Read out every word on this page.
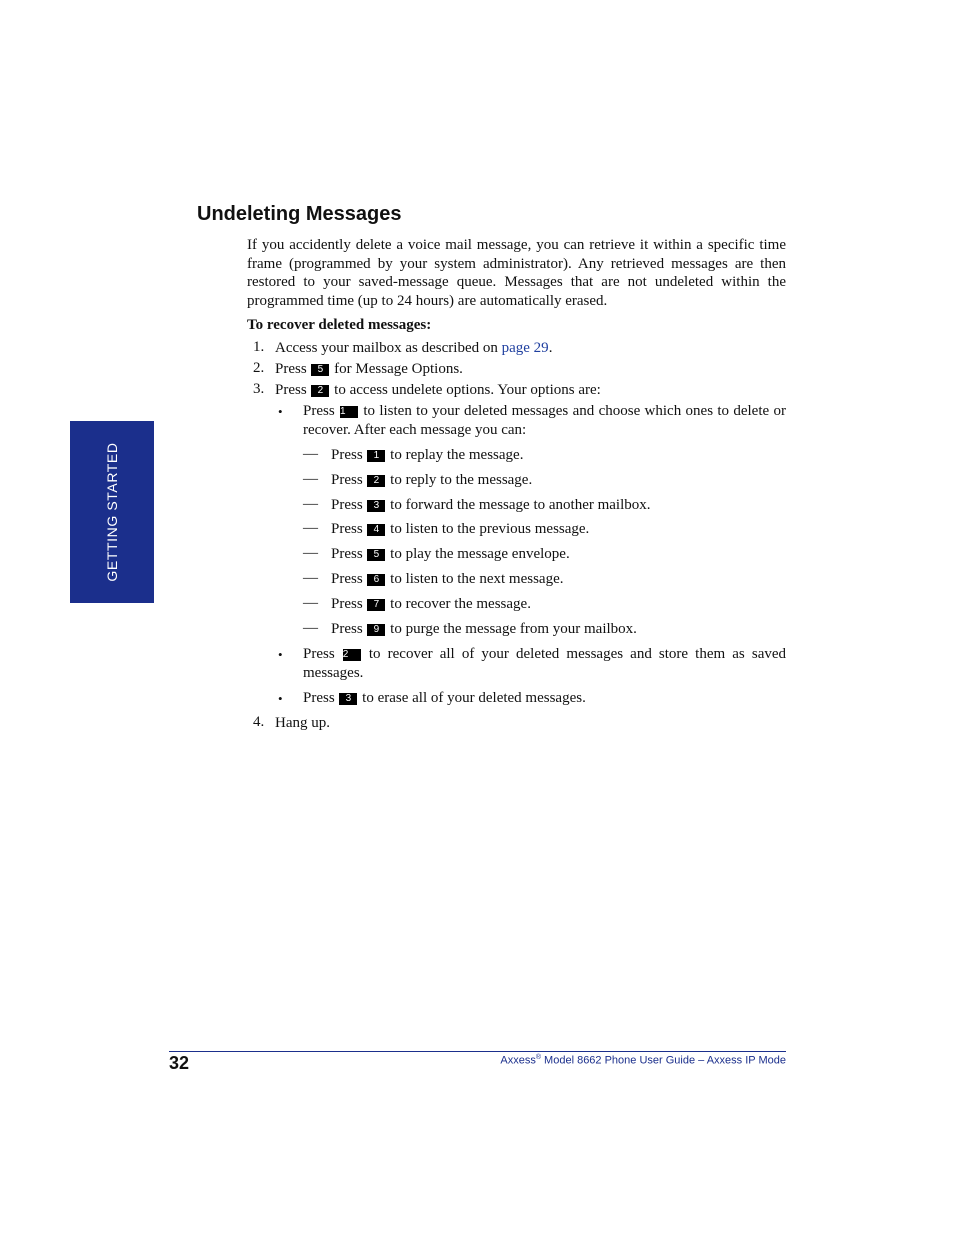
GETTING STARTED
Undeleting Messages

If you accidently delete a voice mail message, you can retrieve it within a specific time frame (programmed by your system administrator). Any retrieved messages are then restored to your saved-message queue. Messages that are not undeleted within the programmed time (up to 24 hours) are automatically erased.

To recover deleted messages:

1. Access your mailbox as described on page 29.

2. Press 5 for Message Options.

3. Press 2 to access undelete options. Your options are:

• Press 1 to listen to your deleted messages and choose which ones to delete or recover. After each message you can:

— Press 1 to replay the message.

— Press 2 to reply to the message.

— Press 3 to forward the message to another mailbox.

— Press 4 to listen to the previous message.

— Press 5 to play the message envelope.

— Press 6 to listen to the next message.

— Press 7 to recover the message.

— Press 9 to purge the message from your mailbox.

• Press 2 to recover all of your deleted messages and store them as saved messages.

• Press 3 to erase all of your deleted messages.

4. Hang up.

32	Axxess® Model 8662 Phone User Guide – Axxess IP Mode
